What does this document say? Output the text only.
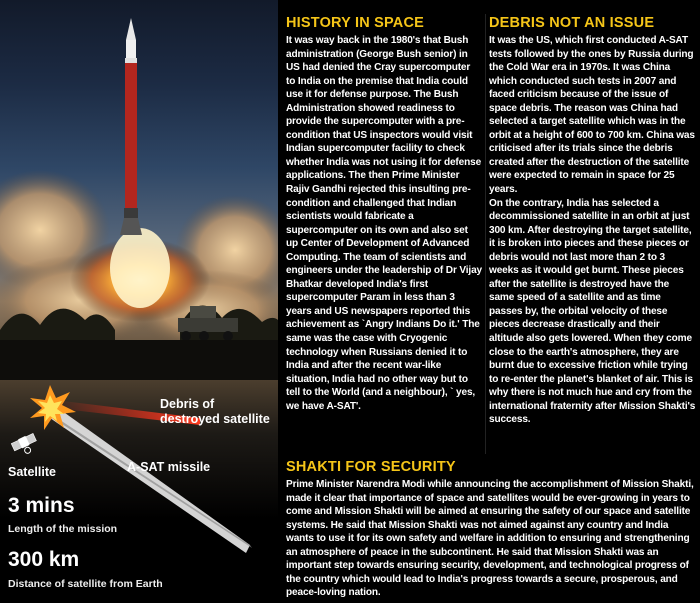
Debris of destroyed satellite
Satellite	A-SAT missile
3 mins
Length of the mission
300 km
Distance of satellite from Earth
HISTORY IN SPACE
It was way back in the 1980's that Bush administration (George Bush senior) in US had denied the Cray supercomputer to India on the premise that India could use it for defense purpose. The Bush Administration showed readiness to provide the supercomputer with a pre-condition that US inspectors would visit Indian supercomputer facility to check whether India was not using it for defense applications. The then Prime Minister Rajiv Gandhi rejected this insulting pre-condition and challenged that Indian scientists would fabricate a supercomputer on its own and also set up Center of Development of Advanced Computing. The team of scientists and engineers under the leadership of Dr Vijay Bhatkar developed India's first supercomputer Param in less than 3 years and US newspapers reported this achievement as `Angry Indians Do it.' The same was the case with Cryogenic technology when Russians denied it to India and after the recent war-like situation, India had no other way but to tell to the World (and a neighbour), ` yes, we have A-SAT'.
DEBRIS NOT AN ISSUE
It was the US, which first conducted A-SAT tests followed by the ones by Russia during the Cold War era in 1970s. It was China which conducted such tests in 2007 and faced criticism because of the issue of space debris. The reason was China had selected a target satellite which was in the orbit at a height of 600 to 700 km. China was criticised after its trials since the debris created after the destruction of the satellite were expected to remain in space for 25 years.
On the contrary, India has selected a decommissioned satellite in an orbit at just 300 km. After destroying the target satellite, it is broken into pieces and these pieces or debris would not last more than 2 to 3 weeks as it would get burnt. These pieces after the satellite is destroyed have the same speed of a satellite and as time passes by, the orbital velocity of these pieces decrease drastically and their altitude also gets lowered. When they come close to the earth's atmosphere, they are burnt due to excessive friction while trying to re-enter the planet's blanket of air. This is why there is not much hue and cry from the international fraternity after Mission Shakti's success.
SHAKTI FOR SECURITY
Prime Minister Narendra Modi while announcing the accomplishment of Mission Shakti, made it clear that importance of space and satellites would be ever-growing in years to come and Mission Shakti will be aimed at ensuring the safety of our space and satellite systems. He said that Mission Shakti was not aimed against any country and India wants to use it for its own safety and welfare in addition to ensuring and strengthening an atmosphere of peace in the subcontinent. He said that Mission Shakti was an important step towards ensuring security, development, and technological progress of the country which would lead to India's progress towards a secure, prosperous, and peace-loving nation.
